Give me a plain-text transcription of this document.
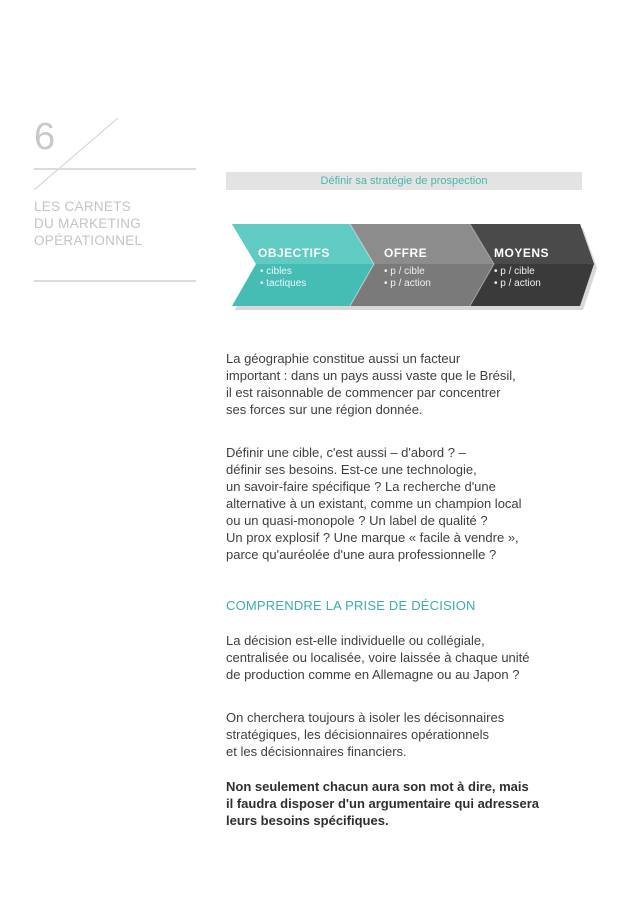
6
LES CARNETS
DU MARKETING
OPÉRATIONNEL
Définir sa stratégie de prospection
OBJECTIFS
• cibles
• tactiques
OFFRE
• p / cible
• p / action
MOYENS
• p / cible
• p / action

La géographie constitue aussi un facteur

important : dans un pays aussi vaste que le Brésil,

il est raisonnable de commencer par concentrer

ses forces sur une région donnée.

Définir une cible, c'est aussi – d'abord ? –

définir ses besoins. Est-ce une technologie,

un savoir-faire spécifique ? La recherche d'une

alternative à un existant, comme un champion local

ou un quasi-monopole ? Un label de qualité ?

Un prox explosif ? Une marque « facile à vendre »,

parce qu'auréolée d'une aura professionnelle ?

COMPRENDRE LA PRISE DE DÉCISION

La décision est-elle individuelle ou collégiale,

centralisée ou localisée, voire laissée à chaque unité

de production comme en Allemagne ou au Japon ?

On cherchera toujours à isoler les décisonnaires

stratégiques, les décisionnaires opérationnels

et les décisionnaires financiers.

Non seulement chacun aura son mot à dire, mais

il faudra disposer d'un argumentaire qui adressera

leurs besoins spécifiques.
